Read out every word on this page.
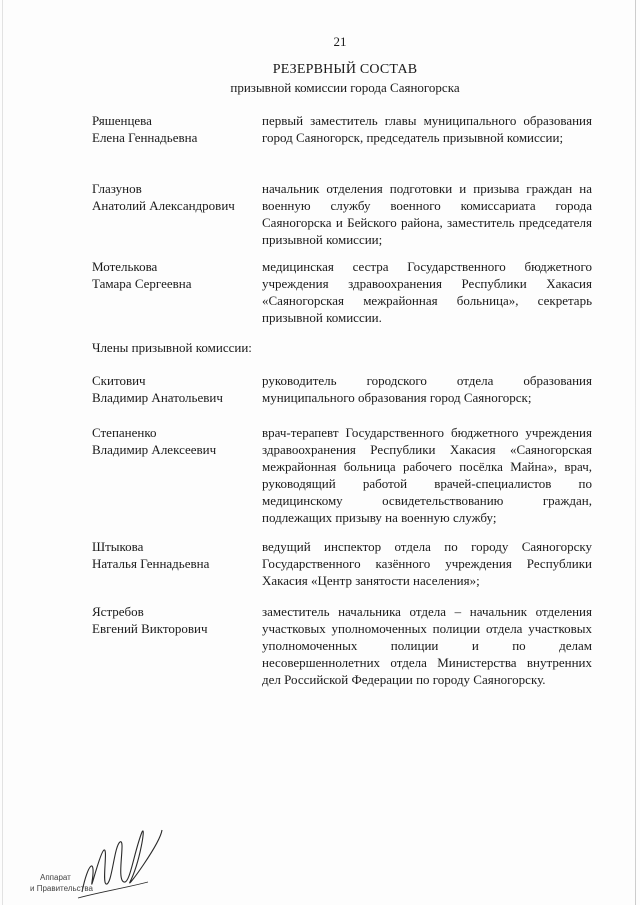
21
РЕЗЕРВНЫЙ СОСТАВ
призывной комиссии города Саяногорска
Ряшенцева
Елена Геннадьевна
первый заместитель главы муниципального образования город Саяногорск, председатель призывной комиссии;
Глазунов
Анатолий Александрович
начальник отделения подготовки и призыва граждан на военную службу военного комиссариата города Саяногорска и Бейского района, заместитель председателя призывной комиссии;
Мотелькова
Тамара Сергеевна
медицинская сестра Государственного бюджетного учреждения здравоохранения Республики Хакасия «Саяногорская межрайонная больница», секретарь призывной комиссии.
Члены призывной комиссии:
Скитович
Владимир Анатольевич
руководитель городского отдела образования муниципального образования город Саяногорск;
Степаненко
Владимир Алексеевич
врач-терапевт Государственного бюджетного учреждения здравоохранения Республики Хакасия «Саяногорская межрайонная больница рабочего посёлка Майна», врач, руководящий работой врачей-специалистов по медицинскому освидетельствованию граждан, подлежащих призыву на военную службу;
Штыкова
Наталья Геннадьевна
ведущий инспектор отдела по городу Саяногорску Государственного казённого учреждения Республики Хакасия «Центр занятости населения»;
Ястребов
Евгений Викторович
заместитель начальника отдела – начальник отделения участковых уполномоченных полиции отдела участковых уполномоченных полиции и по делам несовершеннолетних отдела Министерства внутренних дел Российской Федерации по городу Саяногорску.
Аппарат
и Правительства
